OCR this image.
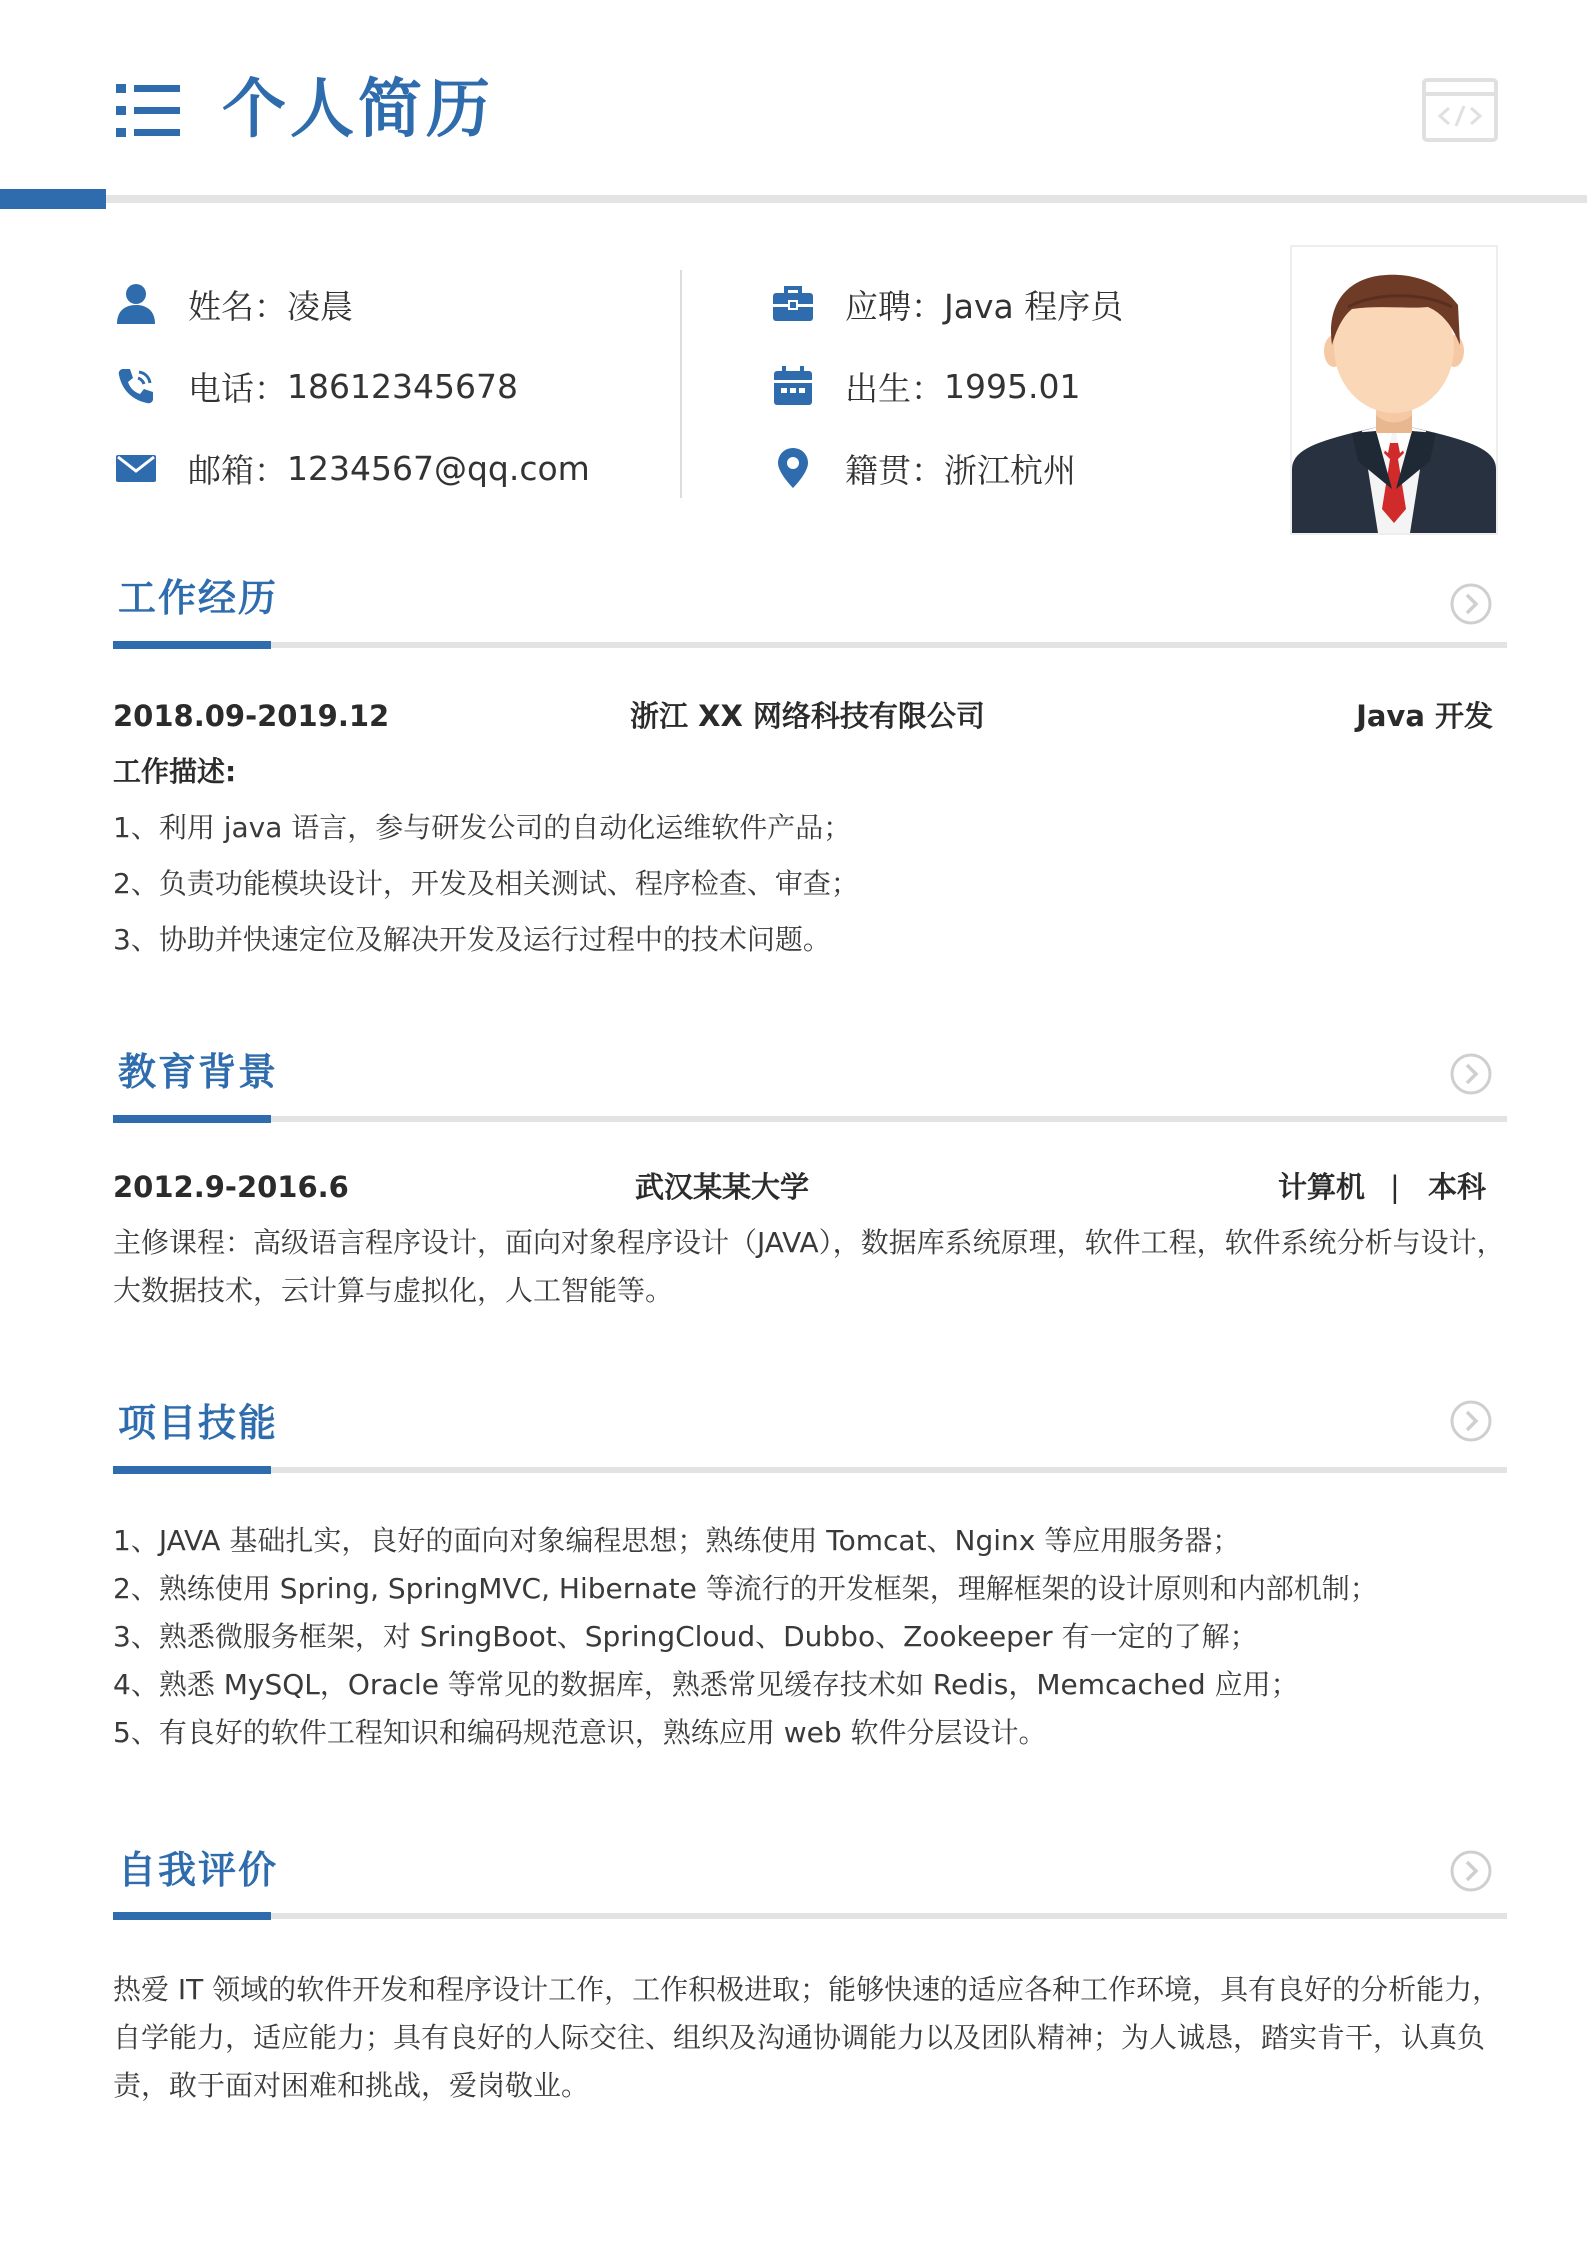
个人简历
姓名 ：	凌晨
电话 ：	18612345678
邮箱 ：	1234567@qq.com
应聘 ：	Java 程序员
出生 ：	1995.01
籍贯 ：	浙江杭州
工作经历
2018.09-2019.12	浙江 XX 网络科技有限公司	Java 开发
工作描述:
1、利用 java 语言，参与研发公司的自动化运维软件产品；
2、负责功能模块设计，开发及相关测试、程序检查、审查；
3、协助并快速定位及解决开发及运行过程中的技术问题。
教育背景
2012.9-2016.6	武汉某某大学	计算机 | 本科
主修课程：高级语言程序设计，面向对象程序设计（JAVA），数据库系统原理，软件工程，软件系统分析与设计，大数据技术，云计算与虚拟化，人工智能等。
项目技能
1、JAVA 基础扎实，良好的面向对象编程思想；熟练使用 Tomcat、Nginx 等应用服务器；
2、熟练使用 Spring, SpringMVC, Hibernate 等流行的开发框架，理解框架的设计原则和内部机制；
3、熟悉微服务框架，对 SringBoot、SpringCloud、Dubbo、Zookeeper 有一定的了解；
4、熟悉 MySQL，Oracle 等常见的数据库，熟悉常见缓存技术如 Redis，Memcached 应用；
5、有良好的软件工程知识和编码规范意识，熟练应用 web 软件分层设计。
自我评价
热爱 IT 领域的软件开发和程序设计工作，工作积极进取；能够快速的适应各种工作环境，具有良好的分析能力，自学能力，适应能力；具有良好的人际交往、组织及沟通协调能力以及团队精神；为人诚恳，踏实肯干，认真负责，敢于面对困难和挑战，爱岗敬业。
